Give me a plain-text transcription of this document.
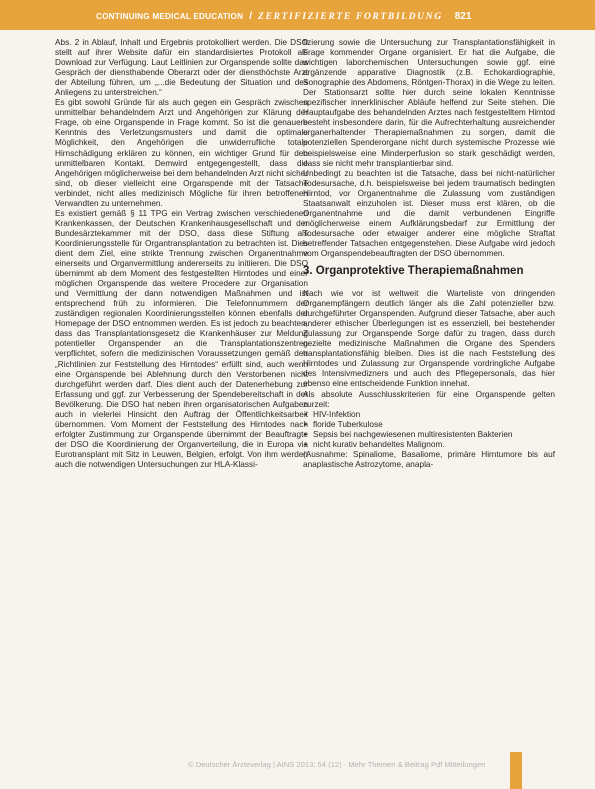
CONTINUING MEDICAL EDUCATION / ZERTIFIZIERTE FORTBILDUNG 821

Abs. 2 in Ablauf, Inhalt und Ergebnis protokolliert werden. Die DSO stellt auf ihrer Website dafür ein standardisiertes Protokoll als Download zur Verfügung. Laut Leitlinien zur Organspende sollte das Gespräch der diensthabende Oberarzt oder der diensthöchste Arzt der Abteilung führen, um „...die Bedeutung der Situation und des Anliegens zu unterstreichen.“

Es gibt sowohl Gründe für als auch gegen ein Gespräch zwischen unmittelbar behandelndem Arzt und Angehörigen zur Klärung der Frage, ob eine Organspende in Frage kommt. So ist die genauere Kenntnis des Verletzungsmusters und damit die optimale Möglichkeit, den Angehörigen die unwiderrufliche totale Hirnschädigung erklären zu können, ein wichtiger Grund für den unmittelbaren Kontakt. Demwird entgegengestellt, dass die Angehörigen möglicherweise bei dem behandelnden Arzt nicht sicher sind, ob dieser vielleicht eine Organspende mit der Tatsache verbindet, nicht alles medizinisch Mögliche für ihren betroffenen Verwandten zu unternehmen.

Es existiert gemäß § 11 TPG ein Vertrag zwischen verschiedenen Krankenkassen, der Deutschen Krankenhausgesellschaft und der Bundesärztekammer mit der DSO, dass diese Stiftung als Koordinierungsstelle für Organtransplantation zu betrachten ist. Dies dient dem Ziel, eine strikte Trennung zwischen Organentnahme einerseits und Organvermittlung andererseits zu initiieren. Die DSO übernimmt ab dem Moment des festgestellten Hirntodes und einer möglichen Organspende das weitere Procedere zur Organisation und Vermittlung der dann notwendigen Maßnahmen und ist entsprechend früh zu informieren. Die Telefonnummern der zuständigen regionalen Koordinierungsstellen können ebenfalls der Homepage der DSO entnommen werden. Es ist jedoch zu beachten, dass das Transplantationsgesetz die Krankenhäuser zur Meldung potentieller Organspender an die Transplantationszentren verpflichtet, sofern die medizinischen Voraussetzungen gemäß den „Richtlinien zur Feststellung des Hirntodes“ erfüllt sind, auch wenn eine Organspende bei Ablehnung durch den Verstorbenen nicht durchgeführt werden darf. Dies dient auch der Datenerhebung zur Erfassung und ggf. zur Verbesserung der Spendebereitschaft in der Bevölkerung. Die DSO hat neben ihren organisatorischen Aufgaben auch in vielerlei Hinsicht den Auftrag der Öffentlichkeitsarbeit übernommen. Vom Moment der Feststellung des Hirntodes nach erfolgter Zustimmung zur Organspende übernimmt der Beauftragte der DSO die Koordinierung der Organverteilung, die in Europa via Eurotransplant mit Sitz in Leuwen, Belgien, erfolgt. Von ihm werden auch die notwendigen Untersuchungen zur HLA-Klassi-

fizierung sowie die Untersuchung zur Transplantationsfähigkeit in Frage kommender Organe organisiert. Er hat die Aufgabe, die wichtigen laborchemischen Untersuchungen sowie ggf. eine ergänzende apparative Diagnostik (z.B. Echokardiographie, Sonographie des Abdomens, Röntgen-Thorax) in die Wege zu leiten. Der Stationsarzt sollte hier durch seine lokalen Kenntnisse spezifischer innerklinischer Abläufe helfend zur Seite stehen. Die Hauptaufgabe des behandelnden Arztes nach festgestelltem Hirntod besteht insbesondere darin, für die Aufrechterhaltung ausreichender organerhaltender Therapiemaßnahmen zu sorgen, damit die potenziellen Spenderorgane nicht durch systemische Prozesse wie beispielsweise eine Minderperfusion so stark geschädigt werden, dass sie nicht mehr transplantierbar sind.

Unbedingt zu beachten ist die Tatsache, dass bei nicht-natürlicher Todesursache, d.h. beispielsweise bei jedem traumatisch bedingten Hirntod, vor Organentnahme die Zulassung vom zuständigen Staatsanwalt einzuholen ist. Dieser muss erst klären, ob die Organentnahme und die damit verbundenen Eingriffe möglicherweise einem Aufklärungsbedarf zur Ermittlung der Todesursache oder etwaiger anderer eine mögliche Straftat betreffender Tatsachen entgegenstehen. Diese Aufgabe wird jedoch vom Organspendebeauftragten der DSO übernommen.

3. Organprotektive Therapiemaßnahmen

Nach wie vor ist weltweit die Warteliste von dringenden Organempfängern deutlich länger als die Zahl potenzieller bzw. durchgeführter Organspenden. Aufgrund dieser Tatsache, aber auch anderer ethischer Überlegungen ist es essenziell, bei bestehender Zulassung zur Organspende Sorge dafür zu tragen, dass durch gezielte medizinische Maßnahmen die Organe des Spenders transplantationsfähig bleiben. Dies ist die nach Feststellung des Hirntodes und Zulassung zur Organspende vordringliche Aufgabe des Intensivmedizners und auch des Pflegepersonals, das hier ebenso eine entscheidende Funktion innehat.

Als absolute Ausschlusskriterien für eine Organspende gelten zurzeit:

• HIV-Infektion

• floride Tuberkulose

• Sepsis bei nachgewiesenen multiresistenten Bakterien

• nicht kurativ behandeltes Malignom.

(Ausnahme: Spinaliome, Basaliome, primäre Hirntumore bis auf anaplastische Astrozytome, anapla-

© Deutscher Ärzteverlag | AINS 2013; 54 (12) · Mehr Themen & Beitrag Pdf Mitteilungen
